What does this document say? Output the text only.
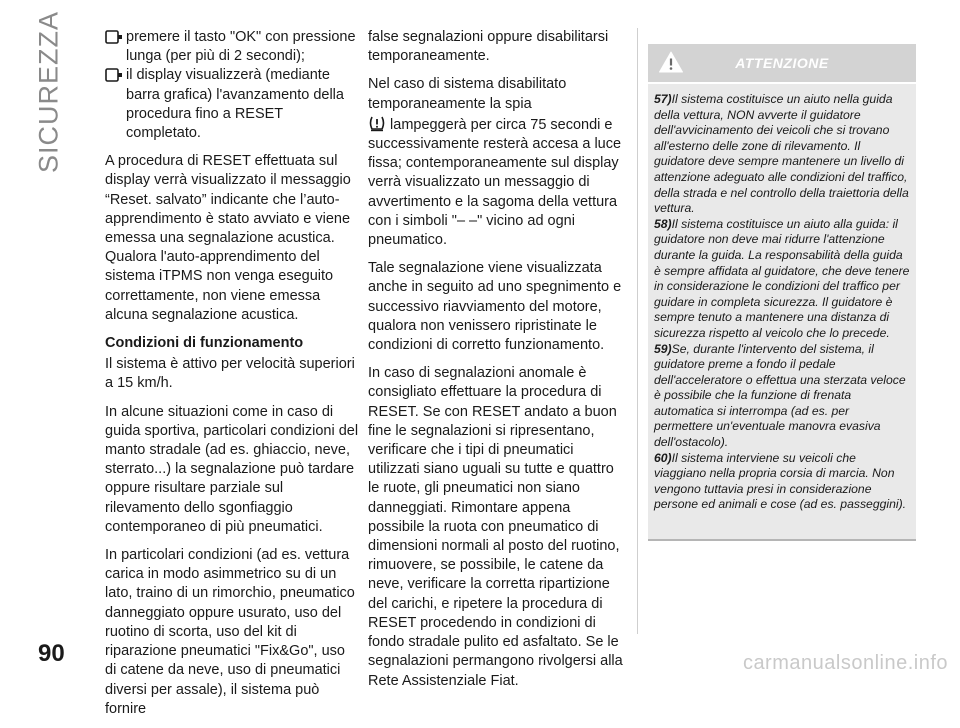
SICUREZZA	premere il tasto "OK" con pressione lunga (per più di 2 secondi);
il display visualizzerà (mediante barra grafica) l'avanzamento della procedura fino a RESET completato.

A procedura di RESET effettuata sul display verrà visualizzato il messaggio “Reset. salvato” indicante che l’auto-apprendimento è stato avviato e viene emessa una segnalazione acustica. Qualora l'auto-apprendimento del sistema iTPMS non venga eseguito correttamente, non viene emessa alcuna segnalazione acustica.

Condizioni di funzionamento

Il sistema è attivo per velocità superiori a 15 km/h.

In alcune situazioni come in caso di guida sportiva, particolari condizioni del manto stradale (ad es. ghiaccio, neve, sterrato...) la segnalazione può tardare oppure risultare parziale sul rilevamento dello sgonfiaggio contemporaneo di più pneumatici.

In particolari condizioni (ad es. vettura carica in modo asimmetrico su di un lato, traino di un rimorchio, pneumatico danneggiato oppure usurato, uso del ruotino di scorta, uso del kit di riparazione pneumatici "Fix&Go", uso di catene da neve, uso di pneumatici diversi per assale), il sistema può fornire

false segnalazioni oppure disabilitarsi temporaneamente.

Nel caso di sistema disabilitato temporaneamente la spia
lampeggerà per circa 75 secondi e successivamente resterà accesa a luce fissa; contemporaneamente sul display verrà visualizzato un messaggio di avvertimento e la sagoma della vettura con i simboli "– –" vicino ad ogni pneumatico.

Tale segnalazione viene visualizzata anche in seguito ad uno spegnimento e successivo riavviamento del motore, qualora non venissero ripristinate le condizioni di corretto funzionamento.

In caso di segnalazioni anomale è consigliato effettuare la procedura di RESET. Se con RESET andato a buon fine le segnalazioni si ripresentano, verificare che i tipi di pneumatici utilizzati siano uguali su tutte e quattro le ruote, gli pneumatici non siano danneggiati. Rimontare appena possibile la ruota con pneumatico di dimensioni normali al posto del ruotino, rimuovere, se possibile, le catene da neve, verificare la corretta ripartizione del carichi, e ripetere la procedura di RESET procedendo in condizioni di fondo stradale pulito ed asfaltato. Se le segnalazioni permangono rivolgersi alla Rete Assistenziale Fiat.

ATTENZIONE

57)Il sistema costituisce un aiuto nella guida della vettura, NON avverte il guidatore dell'avvicinamento dei veicoli che si trovano all'esterno delle zone di rilevamento. Il guidatore deve sempre mantenere un livello di attenzione adeguato alle condizioni del traffico, della strada e nel controllo della traiettoria della vettura.

58)Il sistema costituisce un aiuto alla guida: il guidatore non deve mai ridurre l'attenzione durante la guida. La responsabilità della guida è sempre affidata al guidatore, che deve tenere in considerazione le condizioni del traffico per guidare in completa sicurezza. Il guidatore è sempre tenuto a mantenere una distanza di sicurezza rispetto al veicolo che lo precede.

59)Se, durante l'intervento del sistema, il guidatore preme a fondo il pedale dell'acceleratore o effettua una sterzata veloce è possibile che la funzione di frenata automatica si interrompa (ad es. per permettere un'eventuale manovra evasiva dell'ostacolo).

60)Il sistema interviene su veicoli che viaggiano nella propria corsia di marcia. Non vengono tuttavia presi in considerazione persone ed animali e cose (ad es. passeggini).

90	carmanualsonline.info
